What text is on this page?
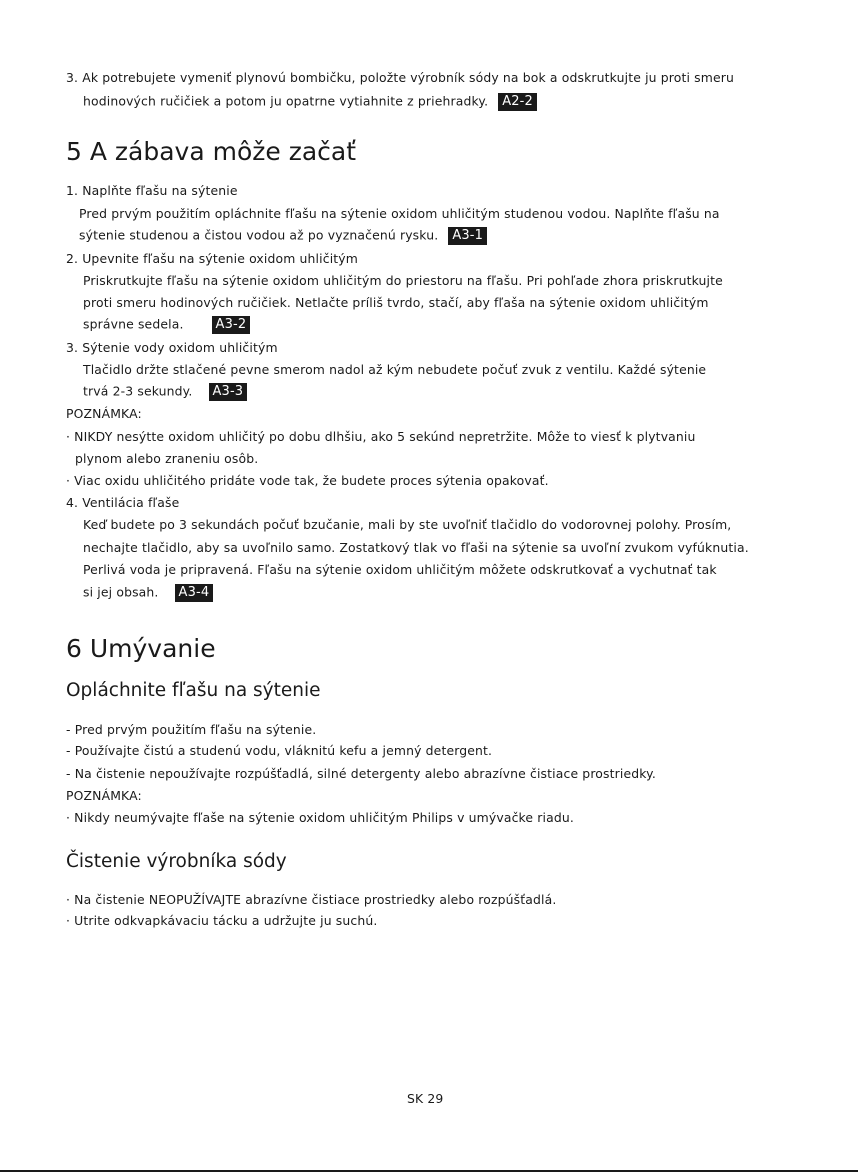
3. Ak potrebujete vymeniť plynovú bombičku, položte výrobník sódy na bok a odskrutkujte ju proti smeru
hodinových ručičiek a potom ju opatrne vytiahnite z priehradky. A2-2
5 A zábava môže začať
1. Naplňte fľašu na sýtenie
Pred prvým použitím opláchnite fľašu na sýtenie oxidom uhličitým studenou vodou. Naplňte fľašu na
sýtenie studenou a čistou vodou až po vyznačenú rysku. A3-1
2. Upevnite fľašu na sýtenie oxidom uhličitým
Priskrutkujte fľašu na sýtenie oxidom uhličitým do priestoru na fľašu. Pri pohľade zhora priskrutkujte
proti smeru hodinových ručičiek. Netlačte príliš tvrdo, stačí, aby fľaša na sýtenie oxidom uhličitým
správne sedela. A3-2
3. Sýtenie vody oxidom uhličitým
Tlačidlo držte stlačené pevne smerom nadol až kým nebudete počuť zvuk z ventilu. Každé sýtenie
trvá 2-3 sekundy. A3-3
POZNÁMKA:
· NIKDY nesýtte oxidom uhličitý po dobu dlhšiu, ako 5 sekúnd nepretržite. Môže to viesť k plytvaniu
plynom alebo zraneniu osôb.
· Viac oxidu uhličitého pridáte vode tak, že budete proces sýtenia opakovať.
4. Ventilácia fľaše
Keď budete po 3 sekundách počuť bzučanie, mali by ste uvoľniť tlačidlo do vodorovnej polohy. Prosím,
nechajte tlačidlo, aby sa uvoľnilo samo. Zostatkový tlak vo fľaši na sýtenie sa uvoľní zvukom vyfúknutia.
Perlivá voda je pripravená. Fľašu na sýtenie oxidom uhličitým môžete odskrutkovať a vychutnať tak
si jej obsah. A3-4
6 Umývanie
Opláchnite fľašu na sýtenie
- Pred prvým použitím fľašu na sýtenie.
- Používajte čistú a studenú vodu, vláknitú kefu a jemný detergent.
- Na čistenie nepoužívajte rozpúšťadlá, silné detergenty alebo abrazívne čistiace prostriedky.
POZNÁMKA:
· Nikdy neumývajte fľaše na sýtenie oxidom uhličitým Philips v umývačke riadu.
Čistenie výrobníka sódy
· Na čistenie NEOPUŽÍVAJTE abrazívne čistiace prostriedky alebo rozpúšťadlá.
· Utrite odkvapkávaciu tácku a udržujte ju suchú.
SK 29
